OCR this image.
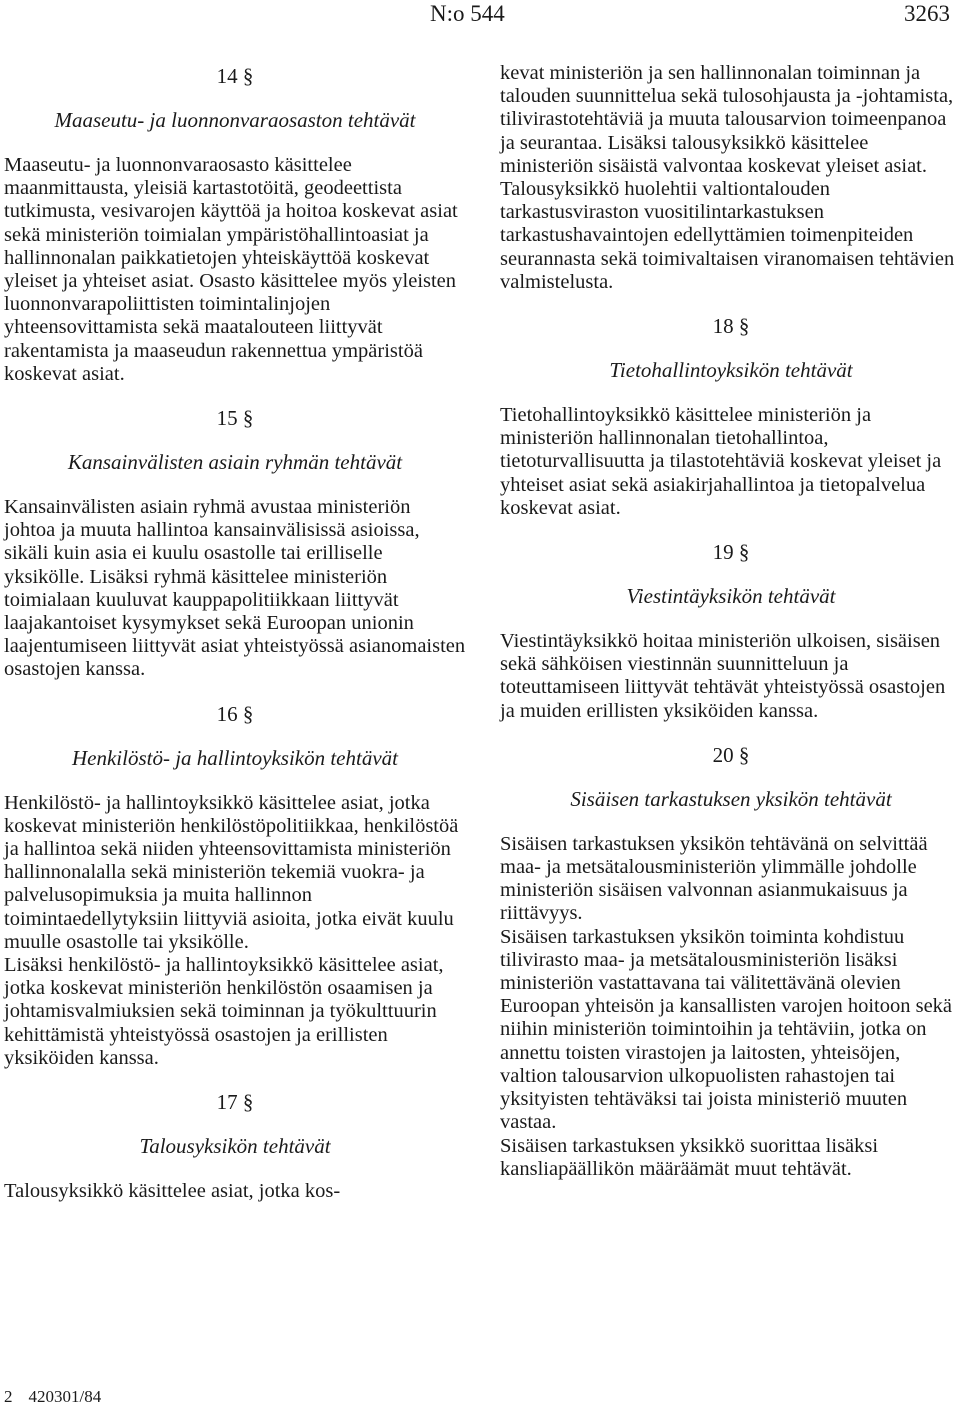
N:o 544	3263

14 §

Maaseutu- ja luonnonvaraosaston tehtävät

Maaseutu- ja luonnonvaraosasto käsittelee maanmittausta, yleisiä kartastotöitä, geodeettista tutkimusta, vesivarojen käyttöä ja hoitoa koskevat asiat sekä ministeriön toimialan ympäristöhallintoasiat ja hallinnonalan paikkatietojen yhteiskäyttöä koskevat yleiset ja yhteiset asiat. Osasto käsittelee myös yleisten luonnonvarapoliittisten toimintalinjojen yhteensovittamista sekä maatalouteen liittyvät rakentamista ja maaseudun rakennettua ympäristöä koskevat asiat.

15 §

Kansainvälisten asiain ryhmän tehtävät

Kansainvälisten asiain ryhmä avustaa ministeriön johtoa ja muuta hallintoa kansainvälisissä asioissa, sikäli kuin asia ei kuulu osastolle tai erilliselle yksikölle. Lisäksi ryhmä käsittelee ministeriön toimialaan kuuluvat kauppapolitiikkaan liittyvät laajakantoiset kysymykset sekä Euroopan unionin laajentumiseen liittyvät asiat yhteistyössä asianomaisten osastojen kanssa.

16 §

Henkilöstö- ja hallintoyksikön tehtävät

Henkilöstö- ja hallintoyksikkö käsittelee asiat, jotka koskevat ministeriön henkilöstöpolitiikkaa, henkilöstöä ja hallintoa sekä niiden yhteensovittamista ministeriön hallinnonalalla sekä ministeriön tekemiä vuokra- ja palvelusopimuksia ja muita hallinnon toimintaedellytyksiin liittyviä asioita, jotka eivät kuulu muulle osastolle tai yksikölle.

Lisäksi henkilöstö- ja hallintoyksikkö käsittelee asiat, jotka koskevat ministeriön henkilöstön osaamisen ja johtamisvalmiuksien sekä toiminnan ja työkulttuurin kehittämistä yhteistyössä osastojen ja erillisten yksiköiden kanssa.

17 §

Talousyksikön tehtävät

Talousyksikkö käsittelee asiat, jotka kos-

kevat ministeriön ja sen hallinnonalan toiminnan ja talouden suunnittelua sekä tulosohjausta ja -johtamista, tilivirastotehtäviä ja muuta talousarvion toimeenpanoa ja seurantaa. Lisäksi talousyksikkö käsittelee ministeriön sisäistä valvontaa koskevat yleiset asiat.

Talousyksikkö huolehtii valtiontalouden tarkastusviraston vuositilintarkastuksen tarkastushavaintojen edellyttämien toimenpiteiden seurannasta sekä toimivaltaisen viranomaisen tehtävien valmistelusta.

18 §

Tietohallintoyksikön tehtävät

Tietohallintoyksikkö käsittelee ministeriön ja ministeriön hallinnonalan tietohallintoa, tietoturvallisuutta ja tilastotehtäviä koskevat yleiset ja yhteiset asiat sekä asiakirjahallintoa ja tietopalvelua koskevat asiat.

19 §

Viestintäyksikön tehtävät

Viestintäyksikkö hoitaa ministeriön ulkoisen, sisäisen sekä sähköisen viestinnän suunnitteluun ja toteuttamiseen liittyvät tehtävät yhteistyössä osastojen ja muiden erillisten yksiköiden kanssa.

20 §

Sisäisen tarkastuksen yksikön tehtävät

Sisäisen tarkastuksen yksikön tehtävänä on selvittää maa- ja metsätalousministeriön ylimmälle johdolle ministeriön sisäisen valvonnan asianmukaisuus ja riittävyys.

Sisäisen tarkastuksen yksikön toiminta kohdistuu tilivirasto maa- ja metsätalousministeriön lisäksi ministeriön vastattavana tai välitettävänä olevien Euroopan yhteisön ja kansallisten varojen hoitoon sekä niihin ministeriön toimintoihin ja tehtäviin, jotka on annettu toisten virastojen ja laitosten, yhteisöjen, valtion talousarvion ulkopuolisten rahastojen tai yksityisten tehtäväksi tai joista ministeriö muuten vastaa.

Sisäisen tarkastuksen yksikkö suorittaa lisäksi kansliapäällikön määräämät muut tehtävät.

2 420301/84
